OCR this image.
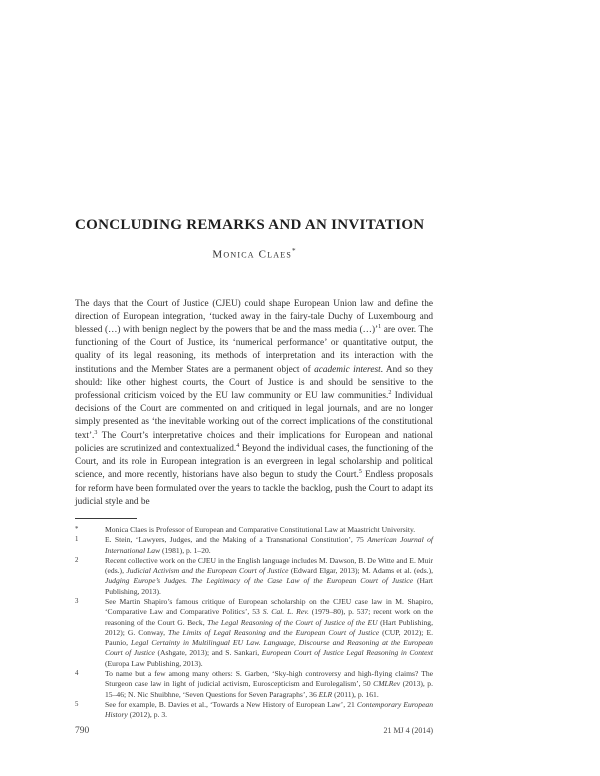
CONCLUDING REMARKS AND AN INVITATION
Monica Claes*

The days that the Court of Justice (CJEU) could shape European Union law and define the direction of European integration, ‘tucked away in the fairy-tale Duchy of Luxembourg and blessed (…) with benign neglect by the powers that be and the mass media (…)’$^1$ are over. The functioning of the Court of Justice, its ‘numerical performance’ or quantitative output, the quality of its legal reasoning, its methods of interpretation and its interaction with the institutions and the Member States are a permanent object of academic interest. And so they should: like other highest courts, the Court of Justice is and should be sensitive to the professional criticism voiced by the EU law community or EU law communities.$^2$ Individual decisions of the Court are commented on and critiqued in legal journals, and are no longer simply presented as ‘the inevitable working out of the correct implications of the constitutional text’.$^3$ The Court’s interpretative choices and their implications for European and national policies are scrutinized and contextualized.$^4$ Beyond the individual cases, the functioning of the Court, and its role in European integration is an evergreen in legal scholarship and political science, and more recently, historians have also begun to study the Court.$^5$ Endless proposals for reform have been formulated over the years to tackle the backlog, push the Court to adapt its judicial style and be

*	Monica Claes is Professor of European and Comparative Constitutional Law at Maastricht University.
1	E. Stein, ‘Lawyers, Judges, and the Making of a Transnational Constitution’, 75 American Journal of International Law (1981), p. 1–20.
2	Recent collective work on the CJEU in the English language includes M. Dawson, B. De Witte and E. Muir (eds.), Judicial Activism and the European Court of Justice (Edward Elgar, 2013); M. Adams et al. (eds.), Judging Europe’s Judges. The Legitimacy of the Case Law of the European Court of Justice (Hart Publishing, 2013).
3	See Martin Shapiro’s famous critique of European scholarship on the CJEU case law in M. Shapiro, ‘Comparative Law and Comparative Politics’, 53 S. Cal. L. Rev. (1979–80), p. 537; recent work on the reasoning of the Court G. Beck, The Legal Reasoning of the Court of Justice of the EU (Hart Publishing, 2012); G. Conway, The Limits of Legal Reasoning and the European Court of Justice (CUP, 2012); E. Paunio, Legal Certainty in Multilingual EU Law. Language, Discourse and Reasoning at the European Court of Justice (Ashgate, 2013); and S. Sankari, European Court of Justice Legal Reasoning in Context (Europa Law Publishing, 2013).
4	To name but a few among many others: S. Garben, ‘Sky-high controversy and high-flying claims? The Sturgeon case law in light of judicial activism, Euroscepticism and Eurolegalism’, 50 CMLRev (2013), p. 15–46; N. Nic Shuibhne, ‘Seven Questions for Seven Paragraphs’, 36 ELR (2011), p. 161.
5	See for example, B. Davies et al., ‘Towards a New History of European Law’, 21 Contemporary European History (2012), p. 3.
790	21 MJ 4 (2014)
